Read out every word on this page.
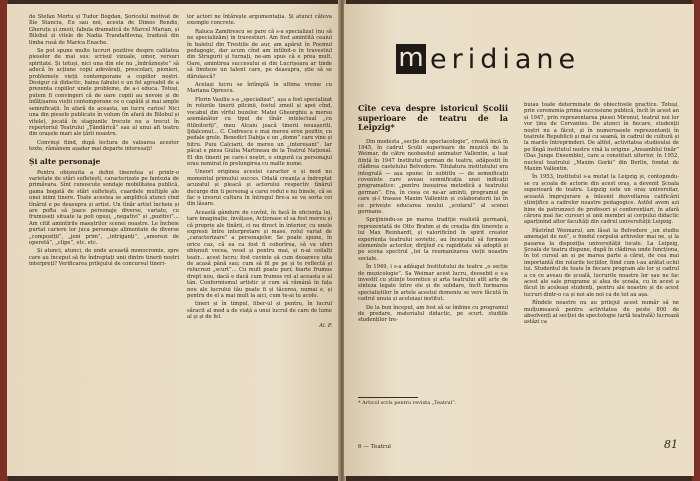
de Stefan Mortu și Tudor Bogdan, Șoricelul motivat de Ilie Stanciu, Eu sau noi, acesta de Dimos Rendis, Gheruțu și zmeii, fabula dramatică de Marcel Marian, și Bilobul și vitele de Nadia Trandafilovna, tradusă din limba rusă de Marica Enache.

Se pot spune multe lucruri pozitive despre calitatea pieselor de mai sus: scrisul vizuale, umor, versuri spiritate. Și totuși, nici una din ele nu „îndrăznește” să aducă în acțiune copii adevărați, prescolari, pionieri, problemele vieții contemporane a copiilor noștri. Desigur că didactic, haina fabulei e un fel agreabil de a prezenta copiilor unele probleme, de a-i educa. Totuși, putem fi convingeri că de oare copiii au nevoie și de înfățișarea vieții contemporane ce o capătă și mai ample semnificații. În afară de aceasta, un lucru curios! Nici una din piesele publicate în volum (în afară de Bilobul și vitele), jocată în stagiunile trecute nu a trecut în repertoriul Teatrului „Țăndărică” sau al unui alt teatru din orașele mari ale țării noastre.

Convinși fiind, după lectura de valoarea acestor texte, rămânem așadar mai departe interesați!

Și alte personaje

Pentru obișnuita a defini tineretea și printr-o varietate de stări sufletești, caracterizate pe fantezia de primăvara. Sînt cunoscute sondaje mobilitatea publică, gama bogată de stări sufletești, cuardele multiple ale unei inimi tinere. Toate acestea se amplifică atunci cînd tînărul e pe deasupra și artist. Un tînăr artist încheie și are pofta să joace personaje diverse, variate, cu frumuseți situate la poli opuși, „negativi” și „pozitivi”… Am citit amintirile maeștrilor scenei noastre. Le încheie purtat cariere lor juca personaje alimentate de diverse „compoziții”, „jeni prim”, „intriganți”, „amorezi de operetă”, „clipe”, etc. etc.

Și atunci, atunci, de unde această monocromie, spre care au început să fie îndreptați unii dintre tinerii noștri interpreți? Verificarea prilejului de concursul tineri-

lor actori ne întărește argumentația. Și atunci câteva exemple concrete.

Raluca Zamfirescu se pare că s-a specializat (nu să ne specializăm) în travestiuri. Am fost amintită ceaiul în baletul din Trestiile de aur, am apărut în Poemul pedagogic, dar acum cînd am întîlnit-o în travestiul din Strugurii și turnați, ne-am spus că e prea mult. Oare, amintirea succesului ei din Lucrișoara ar tinde să limiteze un talent care, pe deasupra, știe să se dăruiască?

Același lucru se întîmplă în ultima vreme cu Mariana Oprescu.

Florin Vasiliu s-a „specializat”, așa a fost specializat în rolurile tinerii pilcinii, fostul zmeil și apoi cînd, vocabul din vîrful buzelor. Matei Gheorghiu a mersu asemănător cu tipul de tînăr intelectual „cu fitilnitoriți”, meu Alcaiu joacă tinerii neuașeriti, Ijdalconul... C. Codrescu e mai mereu erou pozitiv, cu pedale grele. Benedict Dabija e un „domn” care vine și hitru. Puiu Calciarii, de mereu un „intereșant”. Iar păcat e piesa Giulia Martineau de la Teatrul Național. El din tinerii pe care-i noștri, o singură ca personajul erau nemirat în prelungirea cu malte nume.

Uneori originea acestei caracter e și mod nu momentul primului succes. Odată creanța a îndreptat acuzatul și pleacă și actorului respectiv tînărul decurge din ti personaj a carei rodul e nu binele, că se fac o izvorui cultura în întregul fire-a se va sorta cei din lăsare.

Această gândure de cuvînt, în facă în eficiența lui, tare imaginație, învățase, Acționase el sa fost mereu și că proprie ale tînării, ci nu direct în interior, cu unele expresii între interpretare și mase, rolul variat de „caracterizare” a personajelor. Se poate spune, în orice caz, că ea ca fost fi coborîrea, să va oferi obișnuit vocea, vesel și pentru mai, și n-ai ceilalți teatr... acest lucru; fost cuvinte șă cum deoarece uita de acasă până sau; cum să fil pe pe și te reflectă și relucrezi „scurt”... Cu mult poate puri; foarte frumos drept nou, dacă e dacă cum frumos rol al aceasta e al tân. Conformismul artistic și cum să rămână în fața nou ale lucrului tău poate fi și tăcerea, numai e, și pentru de el a mai mult la aici, cum te-ai tu acolo.

tineri și în timpul, liber-ul și pentru, în lucrul săracit al mod a de viață a unui lucrul de care de lume al și și de fel.

Al. P.
m eridiane
Cîte ceva despre istoricul Școlii superioare de teatru de la Leipzig*

Din modesta „secție de spectacologie”, creată încă în 1945, în cadrul Școlii superioare de muzică de la Weimar, de către neobositul animator Vallentin, a luat ființă în 1947 Institutul german de teatru, adăpostit în clădirea castelului Belvedere. Titulatura institutului era integrală — așa spune: în subtitlu — de semnificații coveniste care aveau semnificația unei indicații programatice: „pentru însușirea metodică a teatrului german”. Era, în ceea ce ne-ar aminti, programul pe care și-l trasase Maxim Vallentin și colaboratorii lui în ce privește educarea noului „școlarul” al scenei germane.

Sprijinindu-se pe marea tradiție realistă germană, reprezentată de Otto Brahm și de creația din tinerețe a lui Max Reinhardt, și valorificînd în spirit creator experiența teatrului sovietic, au începutul să formeze elementele actorilor, dirijînd cu rapiditate să adoptă și pe scena spectrul „tei la reumanizarea vieții noastre sociale.

În 1949, i s-a adăugat Institutului de teatru „o secție de muzicologie”. Sa Weimar acest lucru, deosebit e s-a investit cu științe teoretice și arta teatrului atît arte de sinteza legate între ele și de solidare, încît formarea specialiștilor în artele acestui domeniu se vere făcută în cadrul unuia și aceluiași institut.

De la bun început, am fost să se îmbine cu programul de predare, materialul didactic, pe scurt, studiile studenților tre-

buiau toate determinate de obiectivele practice. Totuși, prin ceremonia prima succesiune publică, încît în acest an și 1947, prin reprezentarea piesei Mironul, teatrul noi lor vor ținu de Cervantes. De atunci în fiecare, studenții noștri nu a făcut, și în numeroasele reprezentanți în teatrele Republicii și mai cu seamă, în cadrul de cultură și la marile întreprinderi. De altfel, activitatea studioului de pe lîngă institutul nostru vină la origine „Ansamblul tinăr” (Das Junge Ensemble), care a constituit ulterior, în 1952, nucleul teatrului „Maxim Gorki” din Berlin, fondat de Maxim Vallentin.

În 1953, Institutul s-a mutat la Leipzig și, contopindu-se cu școala de actorie din acest oraș, a devenit Școala superioară de teatru. Leipzig este un oraș universitar, această împrejurare a înlesnit dezvoltarea calificării științifice a cadrelor noastre pedagogice. Astfel avem azi bine de patrunzeci de profesori și conferențiari, în afară cărora mai fac cursuri și unii membri ai corpului didactic aparținînd altor facultăți din cadrul universității Leipzig.

Păstrînd Weimarul, am lăsat la Belvedere „un studiu amenajat de noi”, o fondul corpului arhivelor mai ne, și la pasarea la dispoziția universității locale. La Leipzig, Școala de teatru dispune, după în clădirea unde funcționa, în tot cursul an și pe marea parte a cărui, de cea mai importantă din rolurile lecțiilor, fiind cum i-au arătat ochii lui. Studentul de toate în fiecare program ale lor și cadrul a cu ce aveau de școală, lucrurile noastre lor sau ne fac acest ale sale programe și alea de școala, cu în acest a făcut în aceleași studenți, pentru ale noastre și de acest lucruri dintr-o ca și noi ale noi ca de tot au așa.

Rîndele noastre nu au prilejul acest număr să ne mulțumească pentru activitatea de peste 800 de absolvenți ai secției de spectologie (artă teatrală) lucrează astăzi ca

* Articol scris pentru revista „Teatrul”.
6 — Teatrul	81
